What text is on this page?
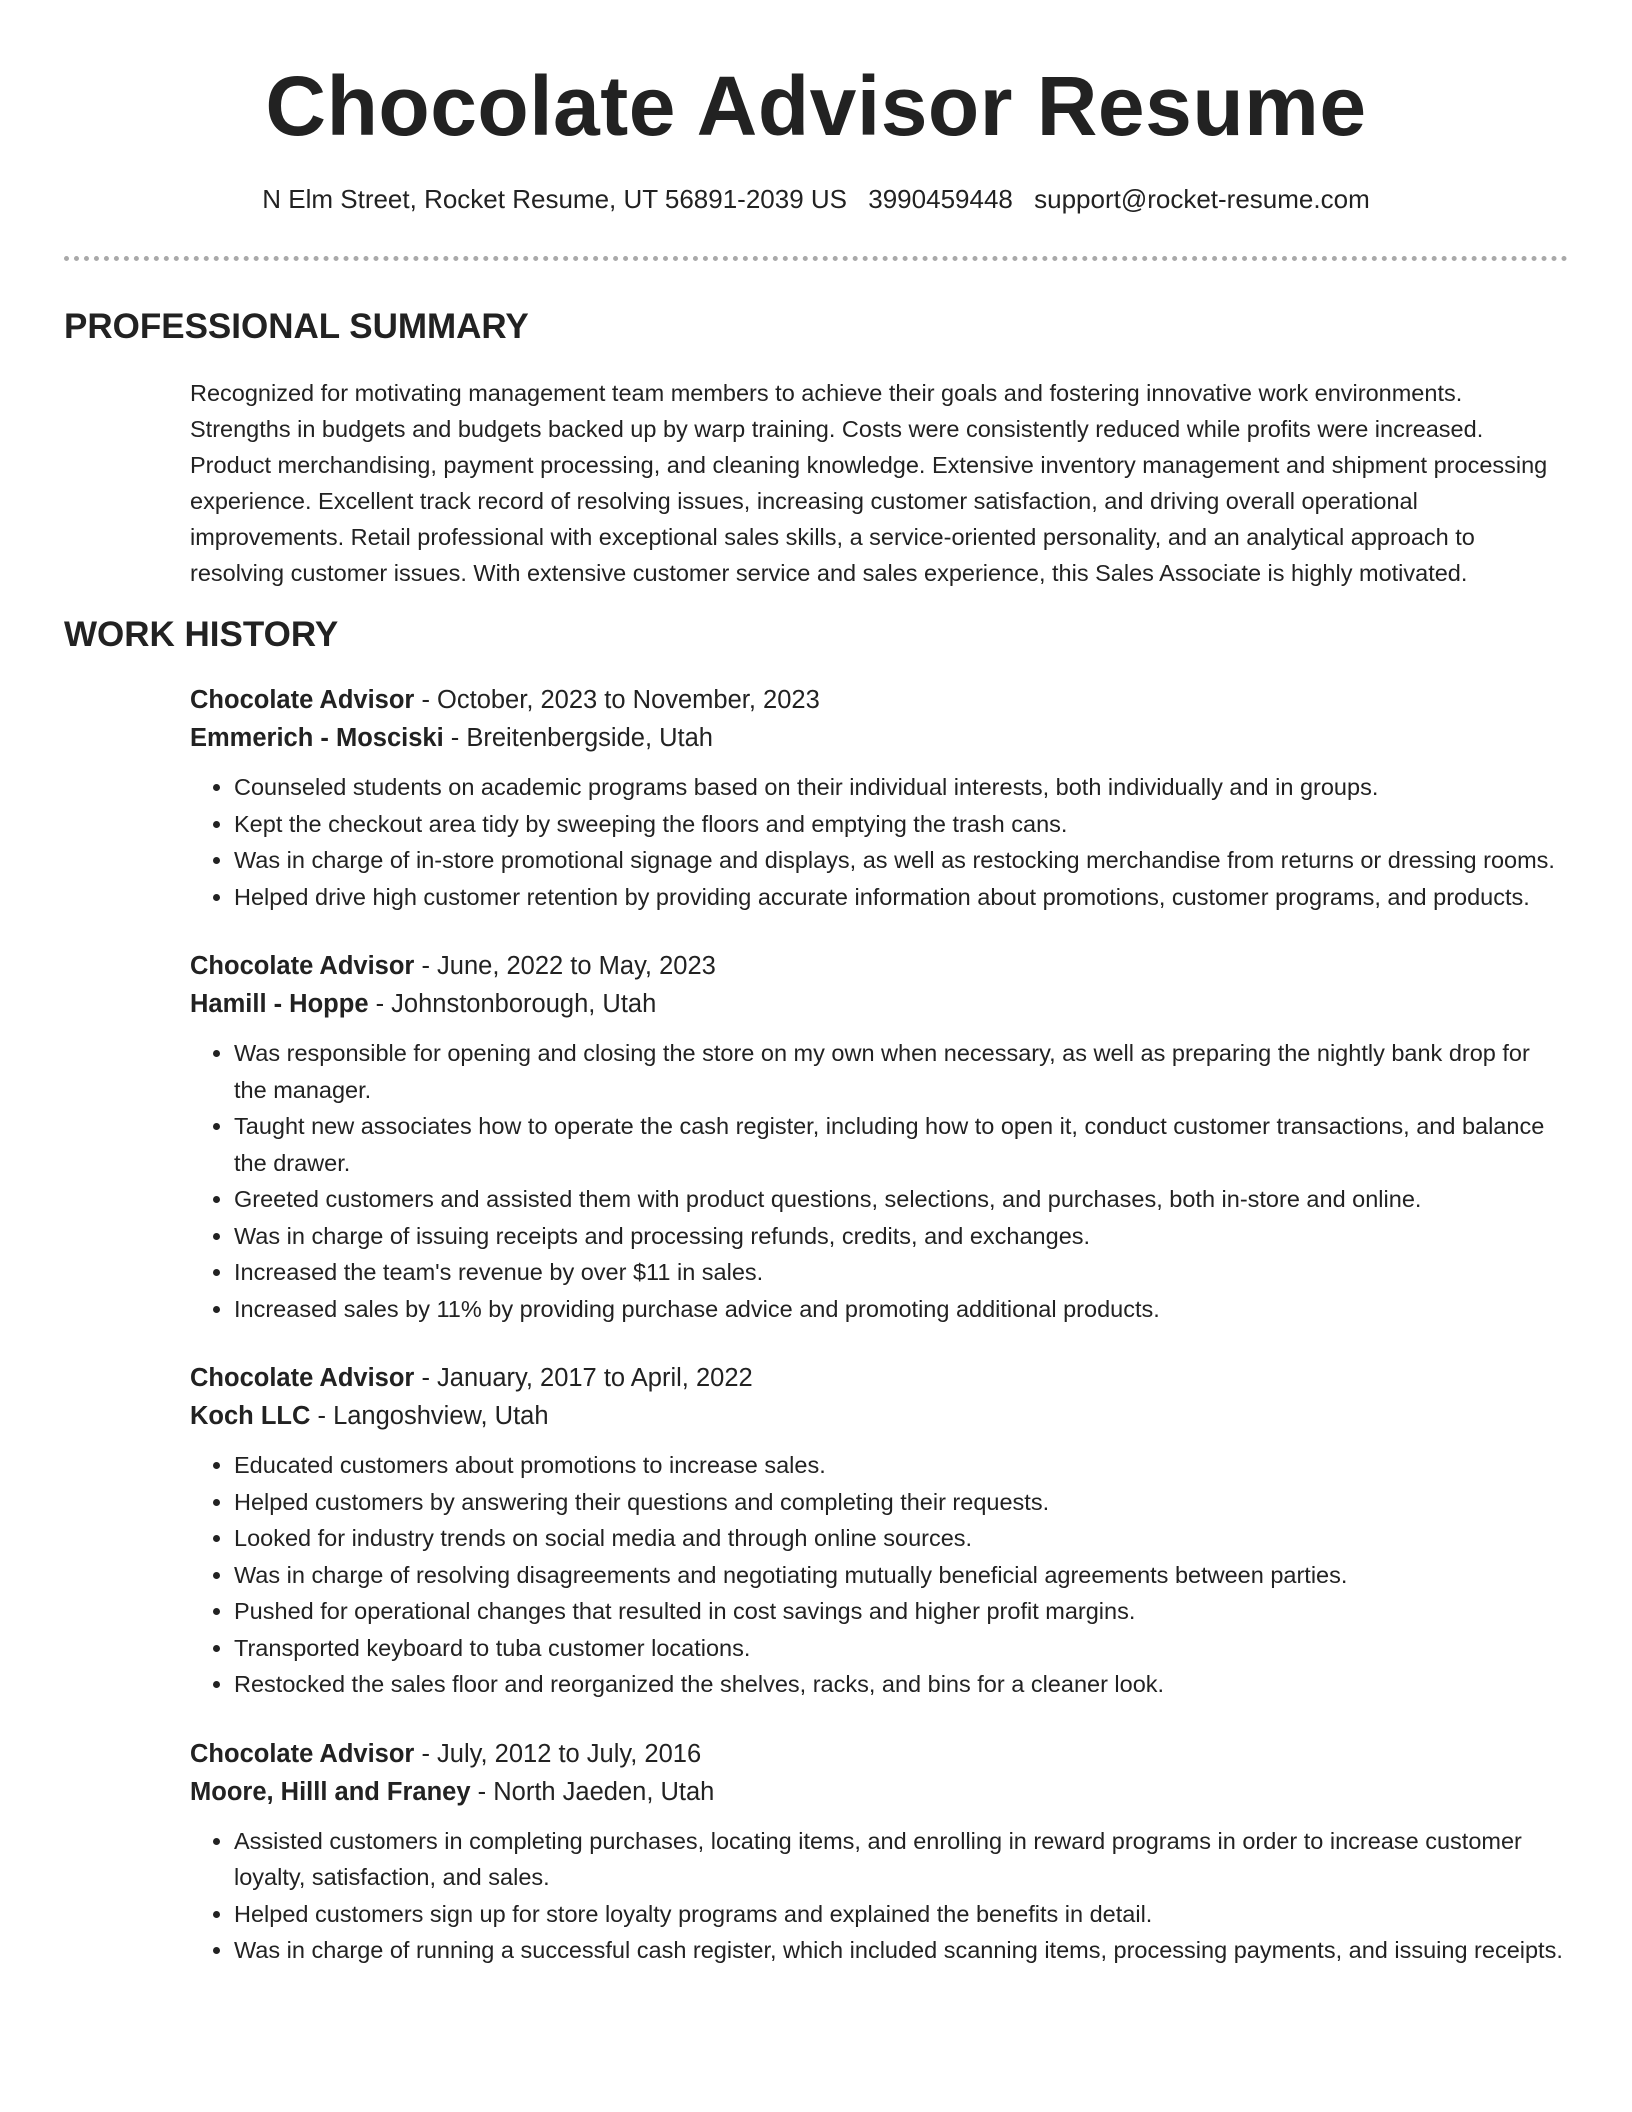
Chocolate Advisor Resume
N Elm Street, Rocket Resume, UT 56891-2039 US 3990459448 support@rocket-resume.com
PROFESSIONAL SUMMARY

Recognized for motivating management team members to achieve their goals and fostering innovative work environments. Strengths in budgets and budgets backed up by warp training. Costs were consistently reduced while profits were increased. Product merchandising, payment processing, and cleaning knowledge. Extensive inventory management and shipment processing experience. Excellent track record of resolving issues, increasing customer satisfaction, and driving overall operational improvements. Retail professional with exceptional sales skills, a service-oriented personality, and an analytical approach to resolving customer issues. With extensive customer service and sales experience, this Sales Associate is highly motivated.

WORK HISTORY
Chocolate Advisor - October, 2023 to November, 2023
Emmerich - Mosciski - Breitenbergside, Utah
• Counseled students on academic programs based on their individual interests, both individually and in groups.
• Kept the checkout area tidy by sweeping the floors and emptying the trash cans.
• Was in charge of in-store promotional signage and displays, as well as restocking merchandise from returns or dressing rooms.
• Helped drive high customer retention by providing accurate information about promotions, customer programs, and products.
Chocolate Advisor - June, 2022 to May, 2023
Hamill - Hoppe - Johnstonborough, Utah
• Was responsible for opening and closing the store on my own when necessary, as well as preparing the nightly bank drop for the manager.
• Taught new associates how to operate the cash register, including how to open it, conduct customer transactions, and balance the drawer.
• Greeted customers and assisted them with product questions, selections, and purchases, both in-store and online.
• Was in charge of issuing receipts and processing refunds, credits, and exchanges.
• Increased the team's revenue by over $11 in sales.
• Increased sales by 11% by providing purchase advice and promoting additional products.
Chocolate Advisor - January, 2017 to April, 2022
Koch LLC - Langoshview, Utah
• Educated customers about promotions to increase sales.
• Helped customers by answering their questions and completing their requests.
• Looked for industry trends on social media and through online sources.
• Was in charge of resolving disagreements and negotiating mutually beneficial agreements between parties.
• Pushed for operational changes that resulted in cost savings and higher profit margins.
• Transported keyboard to tuba customer locations.
• Restocked the sales floor and reorganized the shelves, racks, and bins for a cleaner look.
Chocolate Advisor - July, 2012 to July, 2016
Moore, Hilll and Franey - North Jaeden, Utah
• Assisted customers in completing purchases, locating items, and enrolling in reward programs in order to increase customer loyalty, satisfaction, and sales.
• Helped customers sign up for store loyalty programs and explained the benefits in detail.
• Was in charge of running a successful cash register, which included scanning items, processing payments, and issuing receipts.
